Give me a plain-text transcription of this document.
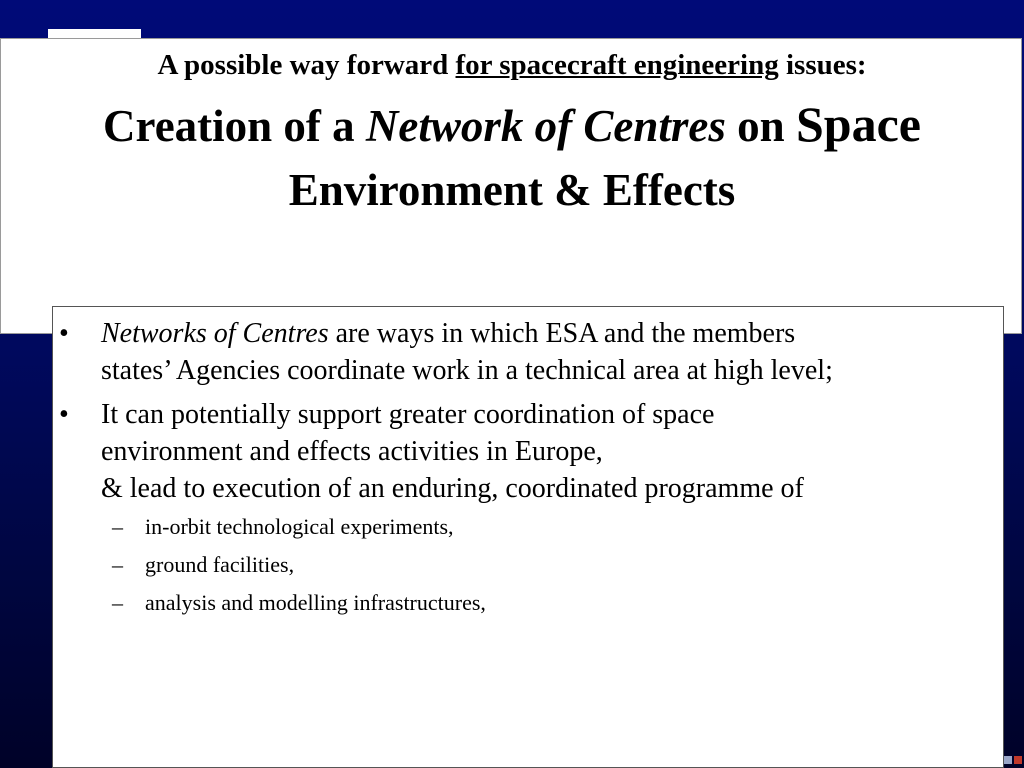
A possible way forward for spacecraft engineering issues:
Creation of a Network of Centres on Space
Environment & Effects
• Networks of Centres are ways in which ESA and the members
states’ Agencies coordinate work in a technical area at high level;
• It can potentially support greater coordination of space
environment and effects activities in Europe,
& lead to execution of an enduring, coordinated programme of
– in-orbit technological experiments,
– ground facilities,
– analysis and modelling infrastructures,
